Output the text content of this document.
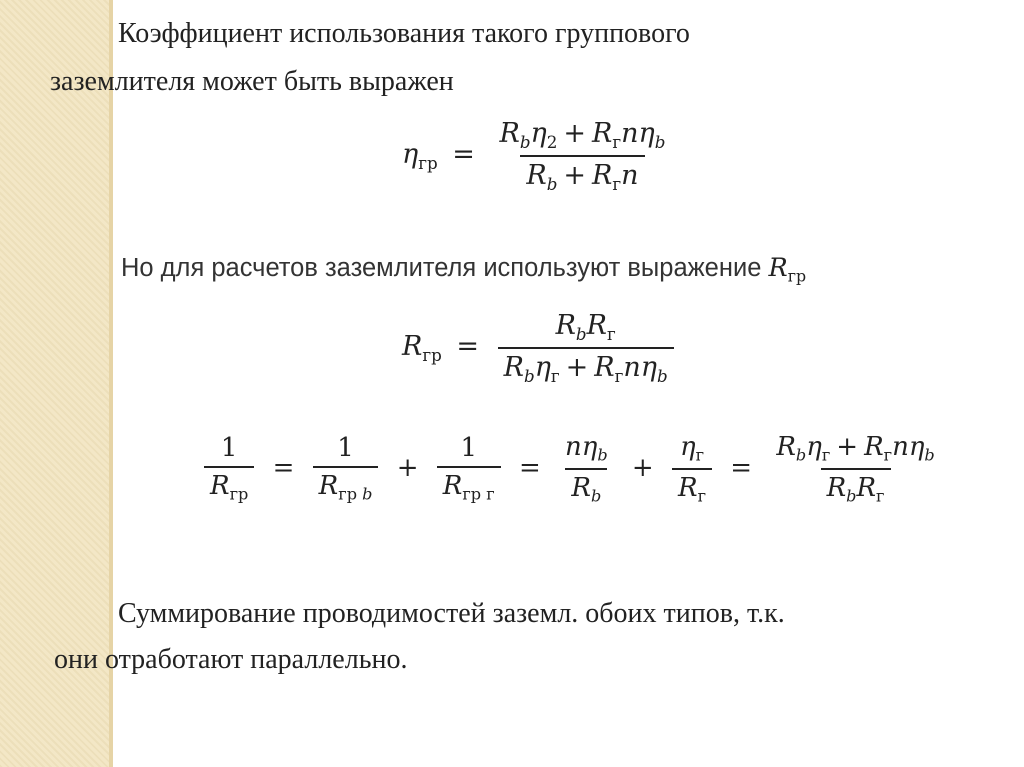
Коэффициент использования такого группового
заземлителя может быть выражен
$\eta_{гр} = \frac{R_b\eta_2 + R_гn\eta_b}{R_b + R_гn}$
Но для расчетов заземлителя используют выражение $R_{гр}$
$R_{гр} = \frac{R_bR_г}{R_b\eta_г + R_гn\eta_b}$
$\frac{1}{R_{гр}} = \frac{1}{R_{гр b}} + \frac{1}{R_{гр г}} = \frac{n\eta_b}{R_b} + \frac{\eta_г}{R_г} = \frac{R_b\eta_г + R_гn\eta_b}{R_bR_г}$
Суммирование проводимостей заземл. обоих типов, т.к.
они отработают параллельно.
